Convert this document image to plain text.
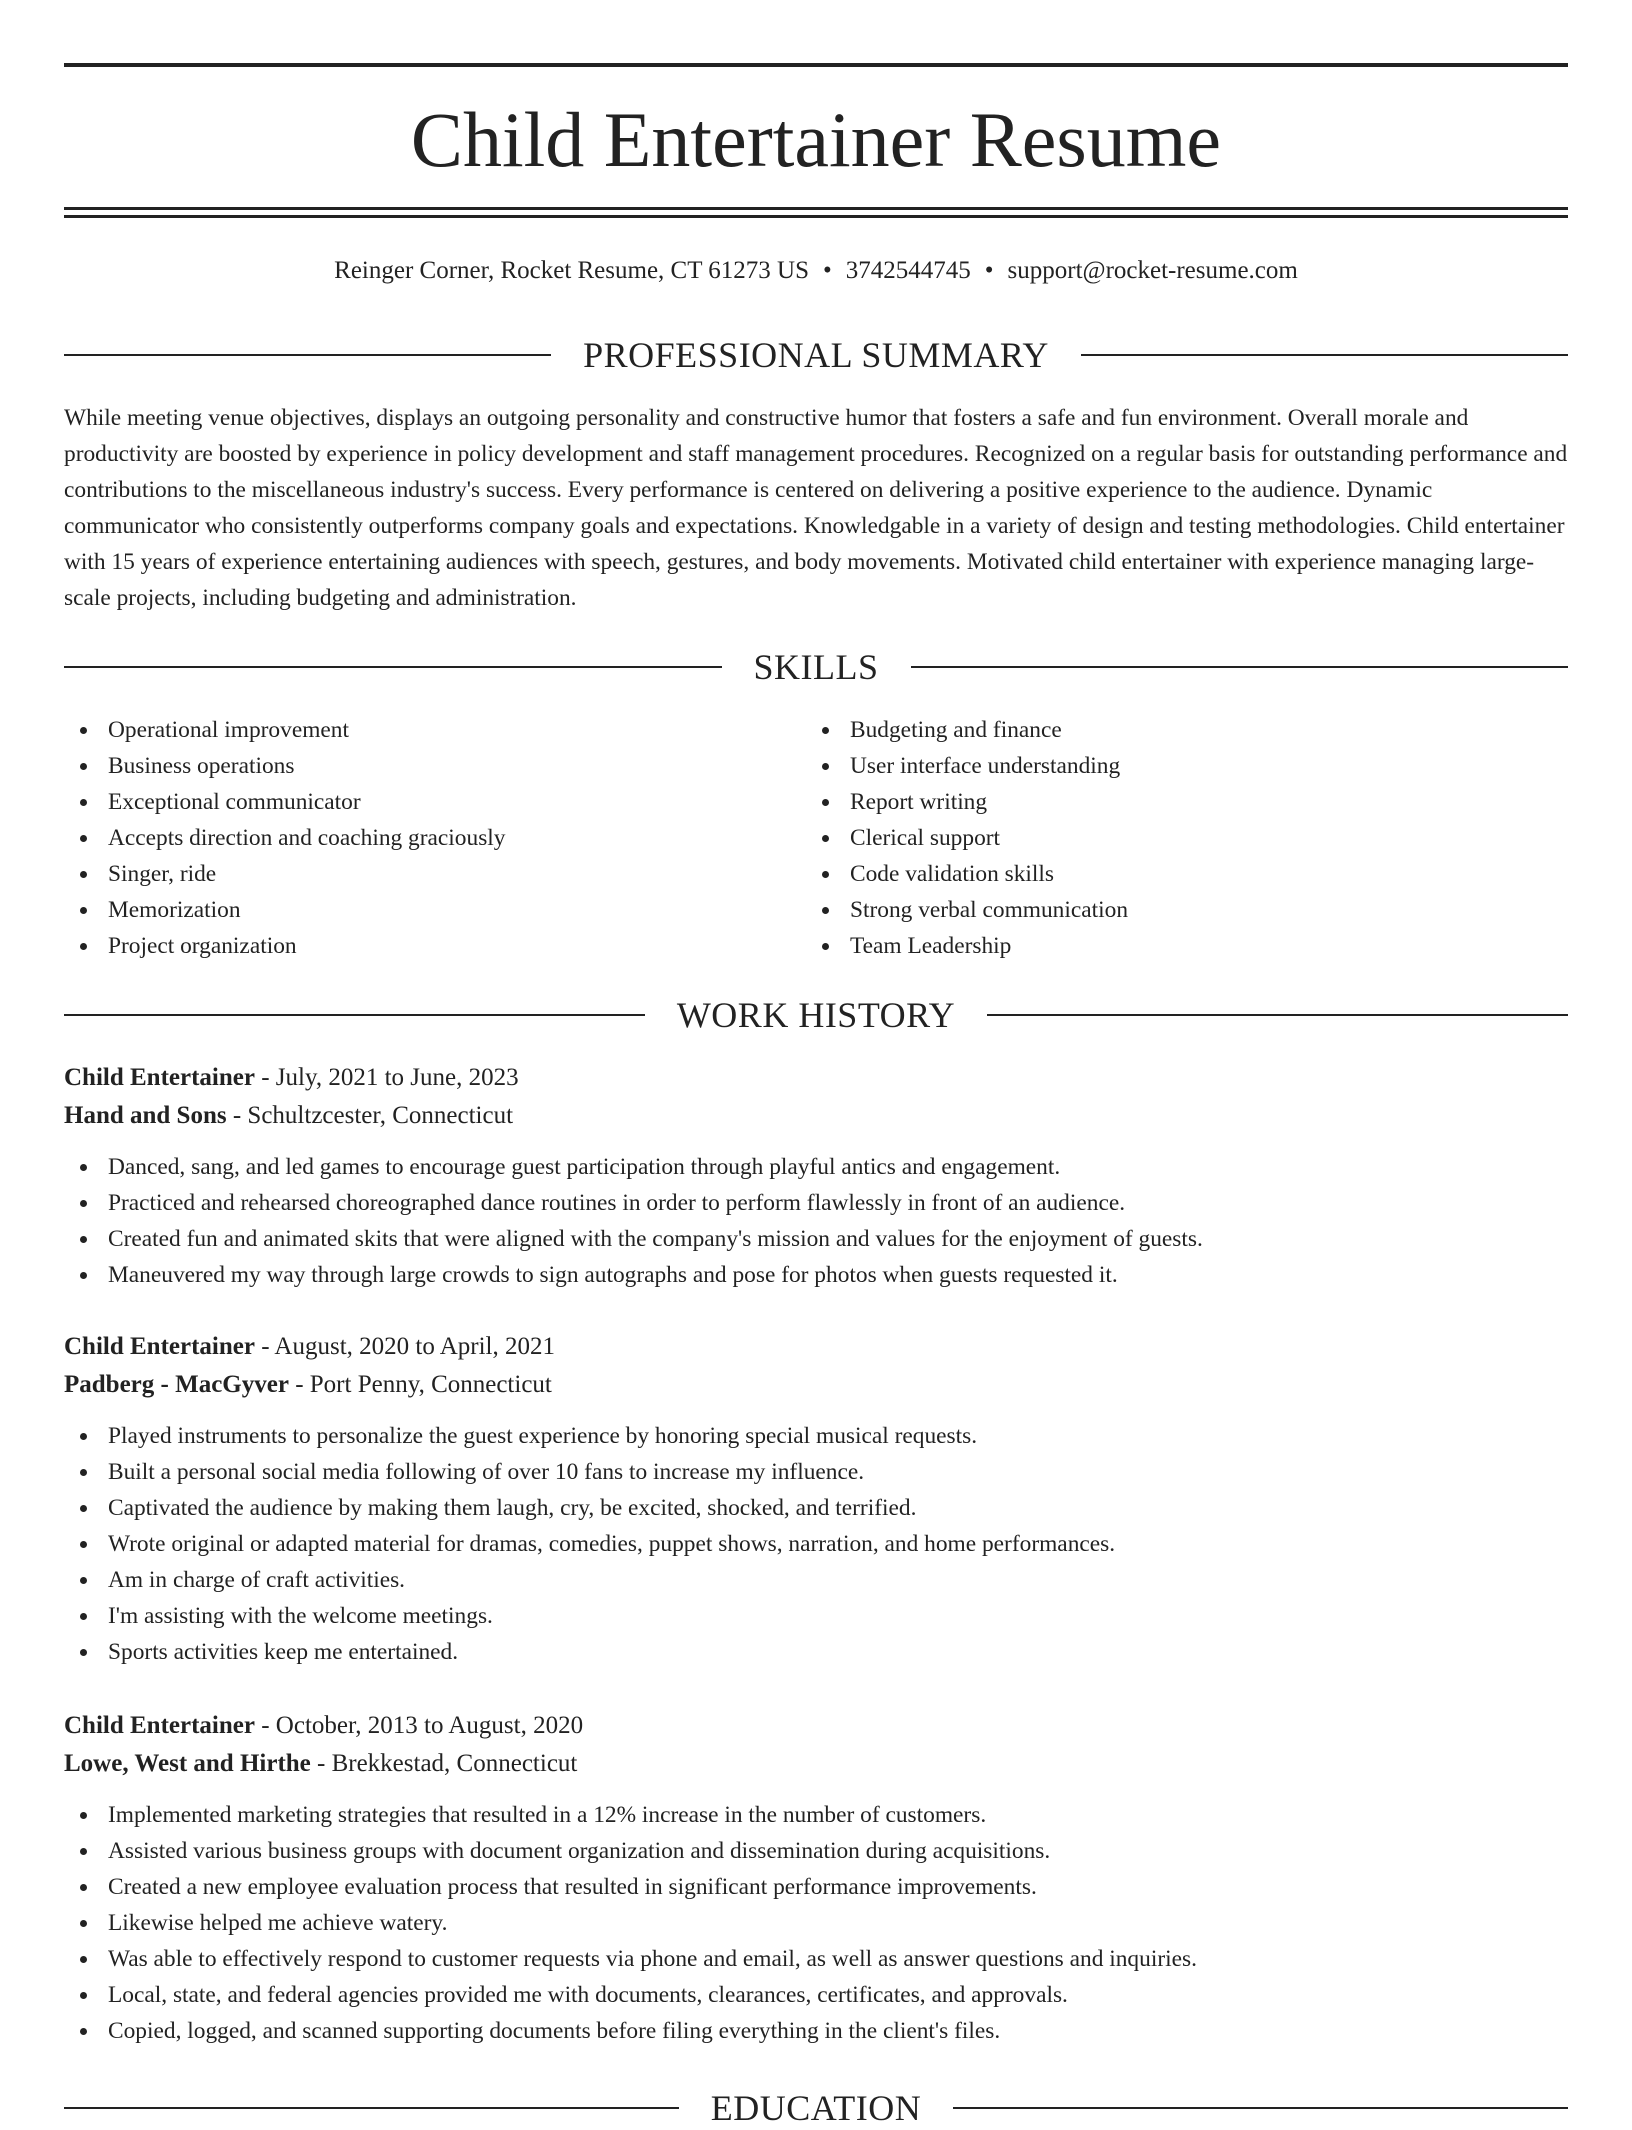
Child Entertainer Resume
Reinger Corner, Rocket Resume, CT 61273 US • 3742544745 • support@rocket-resume.com
PROFESSIONAL SUMMARY

While meeting venue objectives, displays an outgoing personality and constructive humor that fosters a safe and fun environment. Overall morale and productivity are boosted by experience in policy development and staff management procedures. Recognized on a regular basis for outstanding performance and contributions to the miscellaneous industry's success. Every performance is centered on delivering a positive experience to the audience. Dynamic communicator who consistently outperforms company goals and expectations. Knowledgable in a variety of design and testing methodologies. Child entertainer with 15 years of experience entertaining audiences with speech, gestures, and body movements. Motivated child entertainer with experience managing large-scale projects, including budgeting and administration.

SKILLS
Operational improvement
Business operations
Exceptional communicator
Accepts direction and coaching graciously
Singer, ride
Memorization
Project organization
Budgeting and finance
User interface understanding
Report writing
Clerical support
Code validation skills
Strong verbal communication
Team Leadership
WORK HISTORY
Child Entertainer - July, 2021 to June, 2023
Hand and Sons - Schultzcester, Connecticut
Danced, sang, and led games to encourage guest participation through playful antics and engagement.
Practiced and rehearsed choreographed dance routines in order to perform flawlessly in front of an audience.
Created fun and animated skits that were aligned with the company's mission and values for the enjoyment of guests.
Maneuvered my way through large crowds to sign autographs and pose for photos when guests requested it.
Child Entertainer - August, 2020 to April, 2021
Padberg - MacGyver - Port Penny, Connecticut
Played instruments to personalize the guest experience by honoring special musical requests.
Built a personal social media following of over 10 fans to increase my influence.
Captivated the audience by making them laugh, cry, be excited, shocked, and terrified.
Wrote original or adapted material for dramas, comedies, puppet shows, narration, and home performances.
Am in charge of craft activities.
I'm assisting with the welcome meetings.
Sports activities keep me entertained.
Child Entertainer - October, 2013 to August, 2020
Lowe, West and Hirthe - Brekkestad, Connecticut
Implemented marketing strategies that resulted in a 12% increase in the number of customers.
Assisted various business groups with document organization and dissemination during acquisitions.
Created a new employee evaluation process that resulted in significant performance improvements.
Likewise helped me achieve watery.
Was able to effectively respond to customer requests via phone and email, as well as answer questions and inquiries.
Local, state, and federal agencies provided me with documents, clearances, certificates, and approvals.
Copied, logged, and scanned supporting documents before filing everything in the client's files.
EDUCATION
